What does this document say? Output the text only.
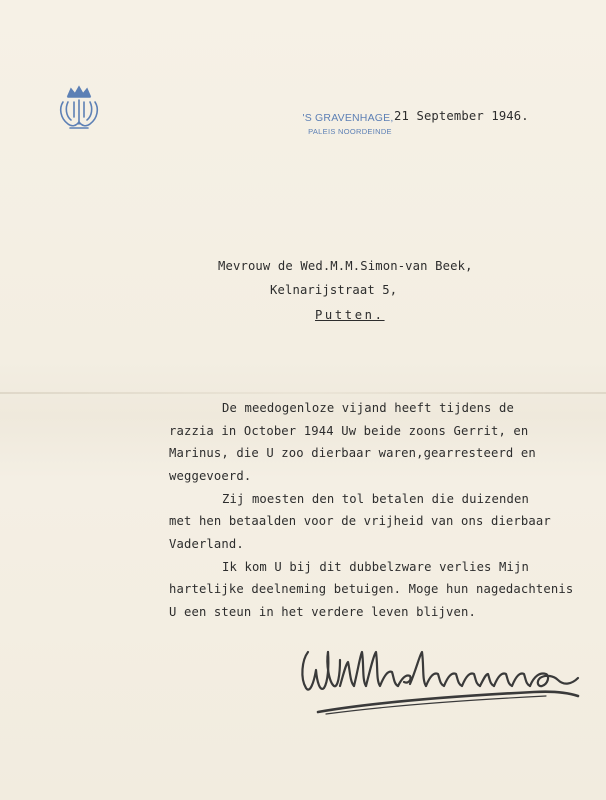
'S GRAVENHAGE,
PALEIS NOORDEINDE
21 September 1946.
Mevrouw de Wed.M.M.Simon-van Beek,
Kelnarijstraat 5,
Putten.
De meedogenloze vijand heeft tijdens de
razzia in October 1944 Uw beide zoons Gerrit, en
Marinus, die U zoo dierbaar waren,gearresteerd en
weggevoerd.
Zij moesten den tol betalen die duizenden
met hen betaalden voor de vrijheid van ons dierbaar
Vaderland.
Ik kom U bij dit dubbelzware verlies Mijn
hartelijke deelneming betuigen. Moge hun nagedachtenis
U een steun in het verdere leven blijven.
